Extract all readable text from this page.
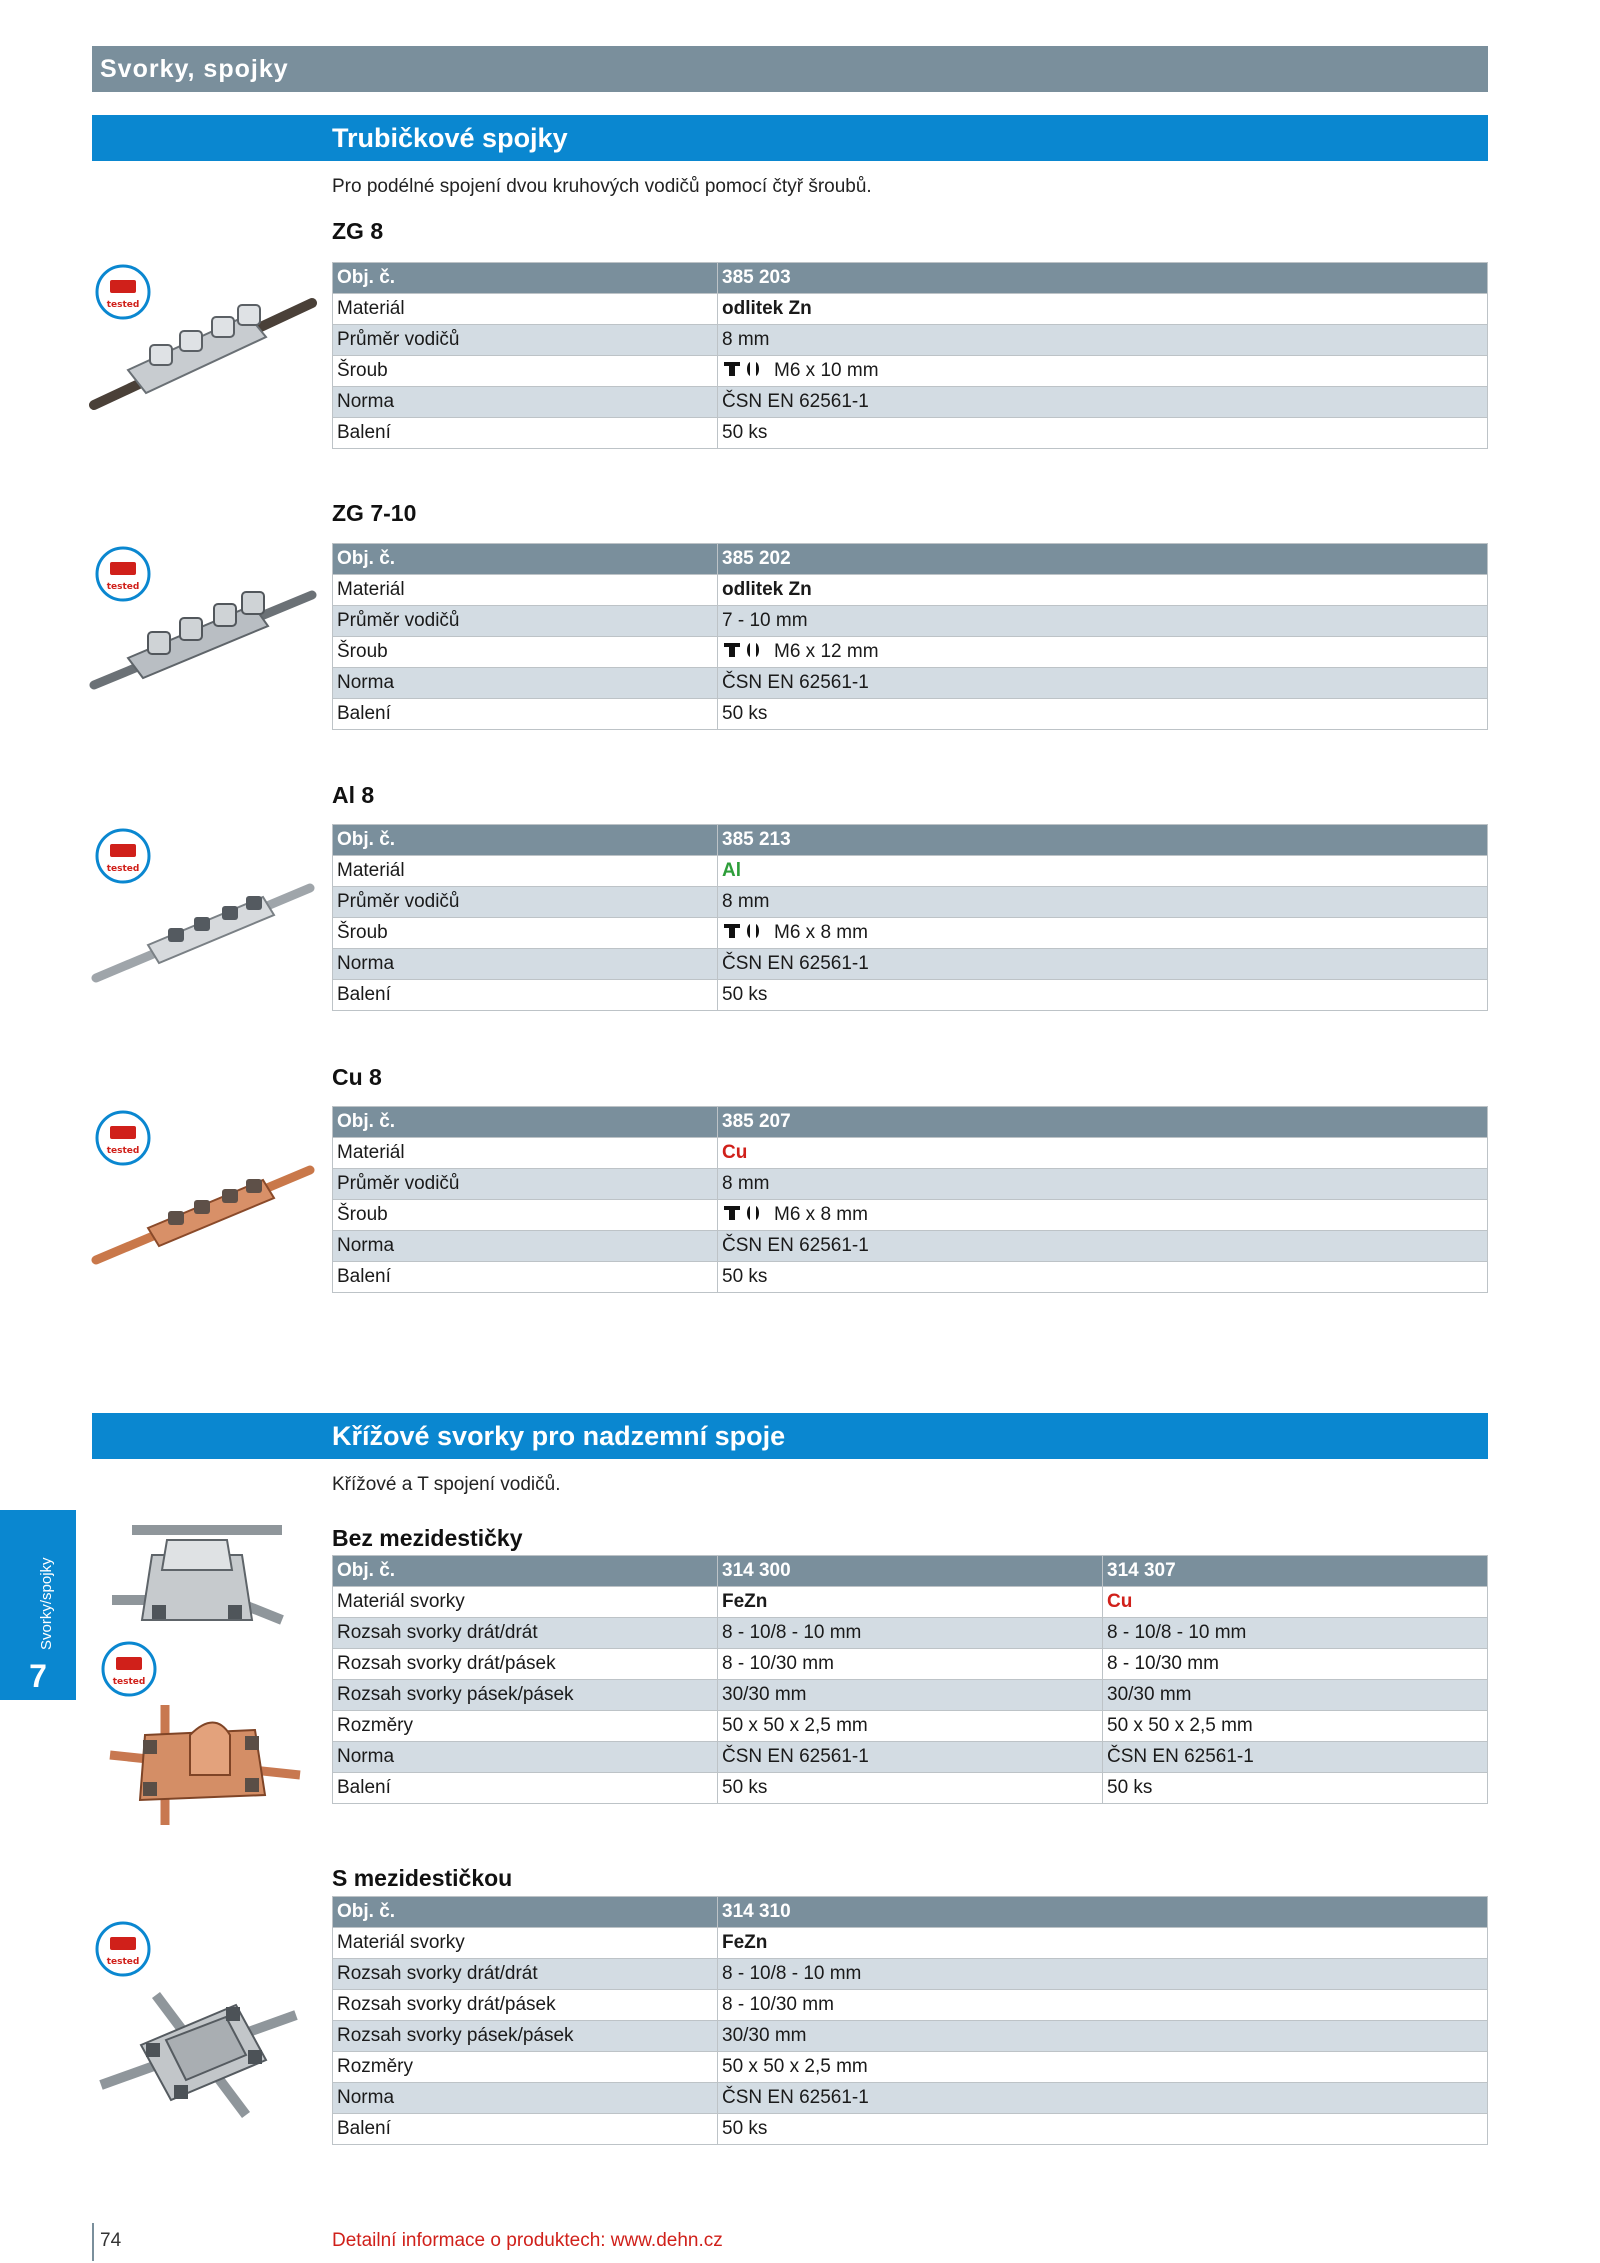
Svorky, spojky
Trubičkové spojky
Pro podélné spojení dvou kruhových vodičů pomocí čtyř šroubů.
ZG 8
tested
Obj. č.	385 203
Materiál	odlitek Zn
Průměr vodičů	8 mm
Šroub	M6 x 10 mm
Norma	ČSN EN 62561-1
Balení	50 ks
ZG 7-10
tested
Obj. č.	385 202
Materiál	odlitek Zn
Průměr vodičů	7 - 10 mm
Šroub	M6 x 12 mm
Norma	ČSN EN 62561-1
Balení	50 ks
Al 8
tested
Obj. č.	385 213
Materiál	Al
Průměr vodičů	8 mm
Šroub	M6 x 8 mm
Norma	ČSN EN 62561-1
Balení	50 ks
Cu 8
tested
Obj. č.	385 207
Materiál	Cu
Průměr vodičů	8 mm
Šroub	M6 x 8 mm
Norma	ČSN EN 62561-1
Balení	50 ks
Křížové svorky pro nadzemní spoje
Křížové a T spojení vodičů.
Svorky/spojky
7
Bez mezidestičky
tested
Obj. č.	314 300	314 307
Materiál svorky	FeZn	Cu
Rozsah svorky drát/drát	8 - 10/8 - 10 mm	8 - 10/8 - 10 mm
Rozsah svorky drát/pásek	8 - 10/30 mm	8 - 10/30 mm
Rozsah svorky pásek/pásek	30/30 mm	30/30 mm
Rozměry	50 x 50 x 2,5 mm	50 x 50 x 2,5 mm
Norma	ČSN EN 62561-1	ČSN EN 62561-1
Balení	50 ks	50 ks
S mezidestičkou
tested
Obj. č.	314 310
Materiál svorky	FeZn
Rozsah svorky drát/drát	8 - 10/8 - 10 mm
Rozsah svorky drát/pásek	8 - 10/30 mm
Rozsah svorky pásek/pásek	30/30 mm
Rozměry	50 x 50 x 2,5 mm
Norma	ČSN EN 62561-1
Balení	50 ks
74	Detailní informace o produktech: www.dehn.cz
